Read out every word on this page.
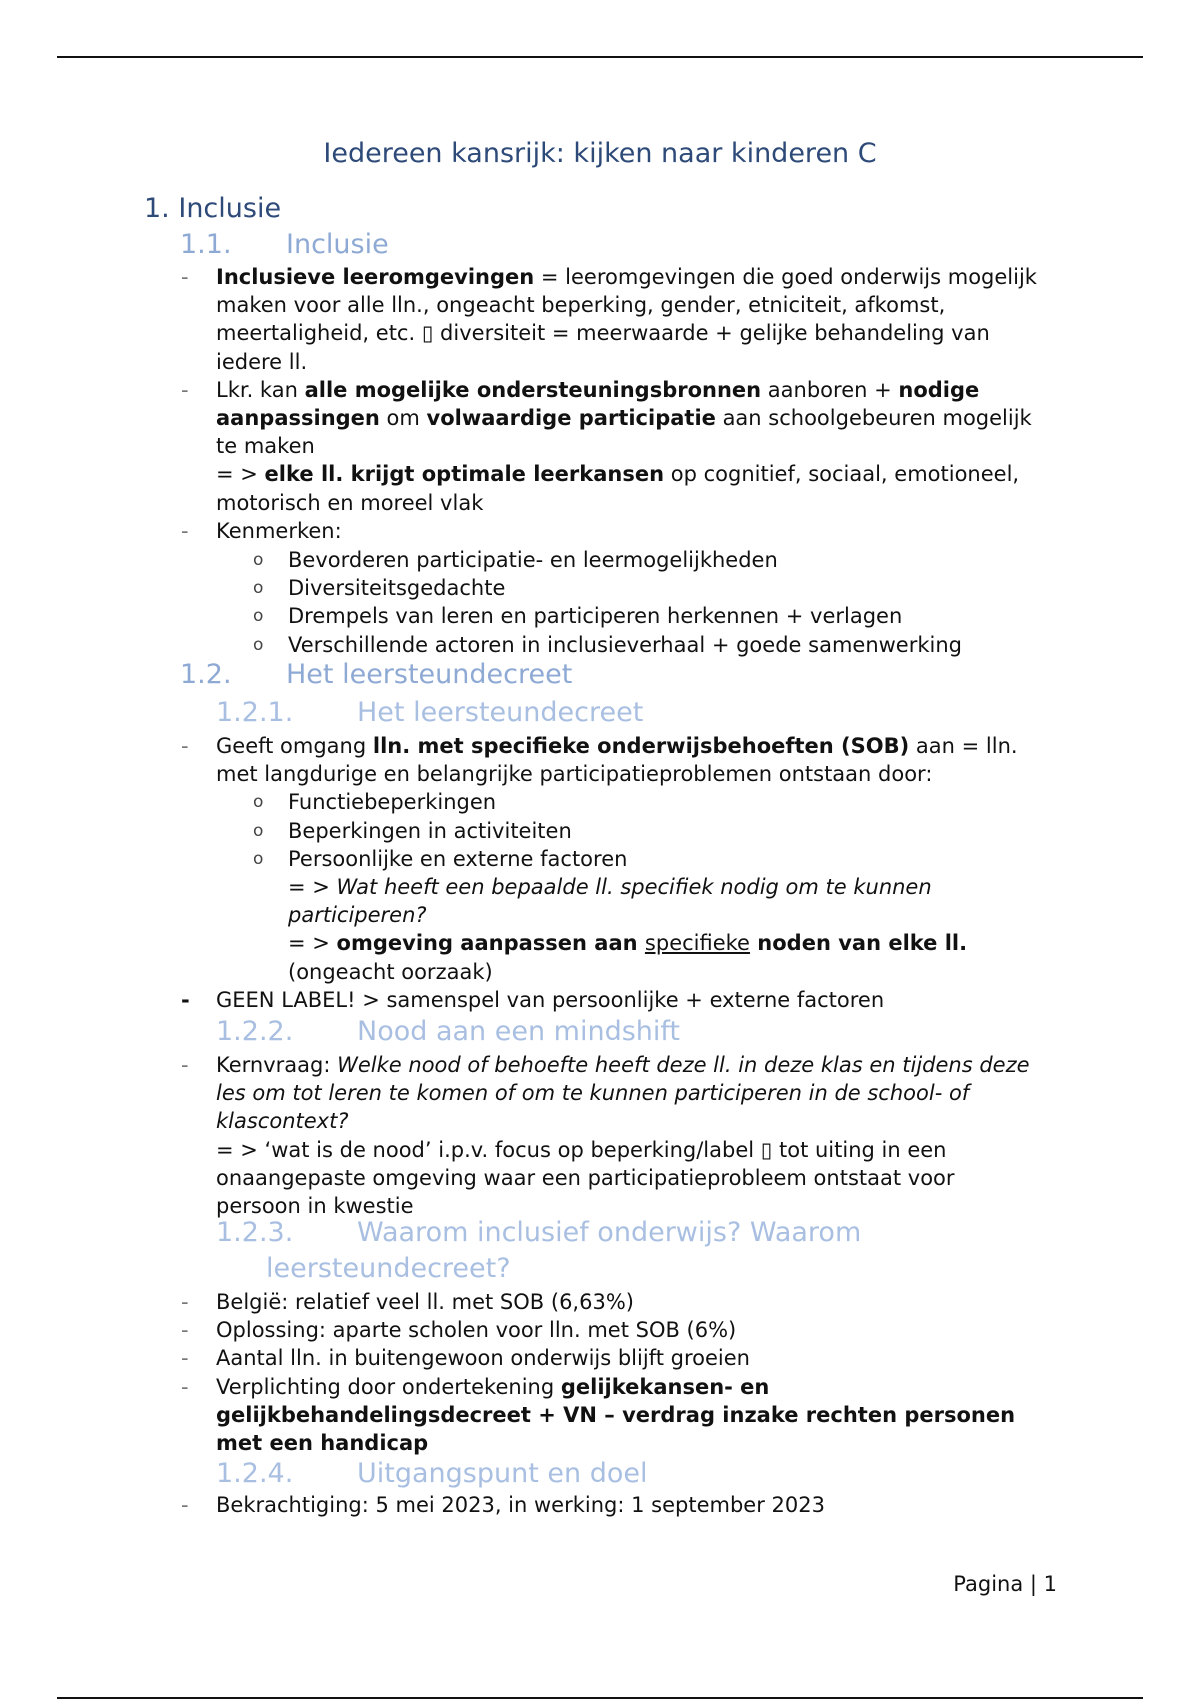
Iedereen kansrijk: kijken naar kinderen C
1. Inclusie
1.1. Inclusie
- Inclusieve leeromgevingen = leeromgevingen die goed onderwijs mogelijk maken voor alle lln., ongeacht beperking, gender, etniciteit, afkomst, meertaligheid, etc. ▯ diversiteit = meerwaarde + gelijke behandeling van iedere ll.
- Lkr. kan alle mogelijke ondersteuningsbronnen aanboren + nodige aanpassingen om volwaardige participatie aan schoolgebeuren mogelijk te maken
= > elke ll. krijgt optimale leerkansen op cognitief, sociaal, emotioneel, motorisch en moreel vlak
- Kenmerken:
o Bevorderen participatie- en leermogelijkheden
o Diversiteitsgedachte
o Drempels van leren en participeren herkennen + verlagen
o Verschillende actoren in inclusieverhaal + goede samenwerking
1.2. Het leersteundecreet
1.2.1. Het leersteundecreet
- Geeft omgang lln. met specifieke onderwijsbehoeften (SOB) aan = lln. met langdurige en belangrijke participatieproblemen ontstaan door:
o Functiebeperkingen
o Beperkingen in activiteiten
o Persoonlijke en externe factoren
= > Wat heeft een bepaalde ll. specifiek nodig om te kunnen participeren?
= > omgeving aanpassen aan specifieke noden van elke ll.
(ongeacht oorzaak)
- GEEN LABEL! > samenspel van persoonlijke + externe factoren
1.2.2. Nood aan een mindshift
- Kernvraag: Welke nood of behoefte heeft deze ll. in deze klas en tijdens deze les om tot leren te komen of om te kunnen participeren in de school- of klascontext?
= > ‘wat is de nood’ i.p.v. focus op beperking/label ▯ tot uiting in een onaangepaste omgeving waar een participatieprobleem ontstaat voor persoon in kwestie
1.2.3. Waarom inclusief onderwijs? Waarom
leersteundecreet?
- België: relatief veel ll. met SOB (6,63%)
- Oplossing: aparte scholen voor lln. met SOB (6%)
- Aantal lln. in buitengewoon onderwijs blijft groeien
- Verplichting door ondertekening gelijkekansen- en gelijkbehandelingsdecreet + VN – verdrag inzake rechten personen met een handicap
1.2.4. Uitgangspunt en doel
- Bekrachtiging: 5 mei 2023, in werking: 1 september 2023
Pagina | 1
